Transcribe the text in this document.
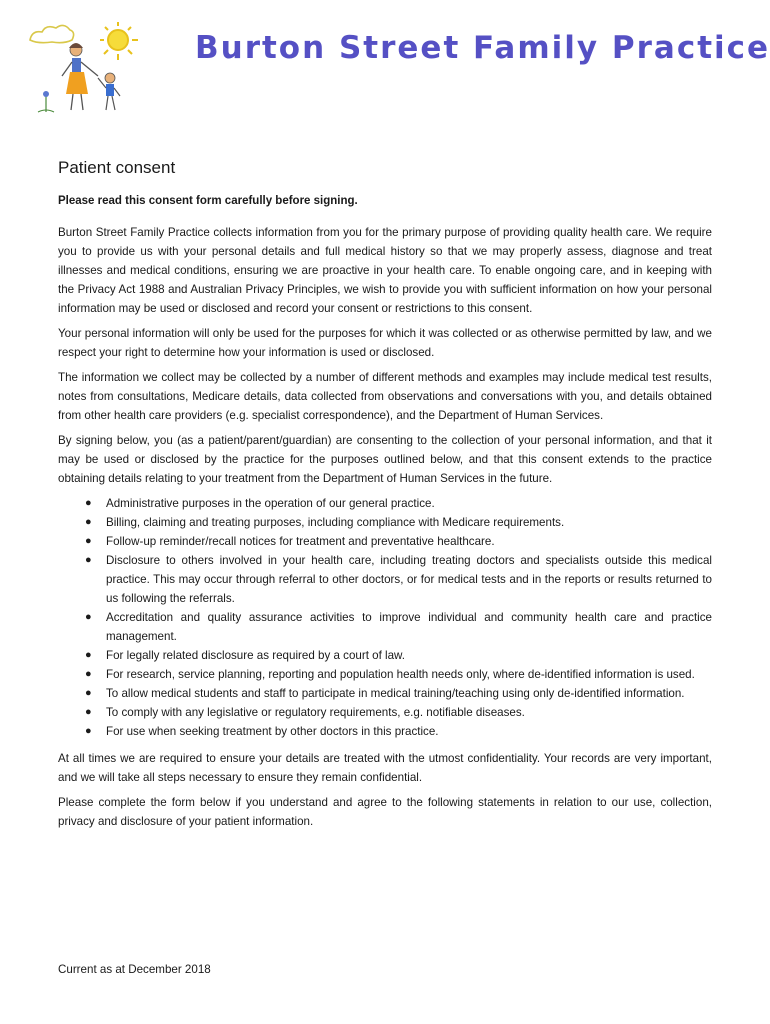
Burton Street Family Practice
Patient consent
Please read this consent form carefully before signing.

Burton Street Family Practice collects information from you for the primary purpose of providing quality health care. We require you to provide us with your personal details and full medical history so that we may properly assess, diagnose and treat illnesses and medical conditions, ensuring we are proactive in your health care. To enable ongoing care, and in keeping with the Privacy Act 1988 and Australian Privacy Principles, we wish to provide you with sufficient information on how your personal information may be used or disclosed and record your consent or restrictions to this consent.

Your personal information will only be used for the purposes for which it was collected or as otherwise permitted by law, and we respect your right to determine how your information is used or disclosed.

The information we collect may be collected by a number of different methods and examples may include medical test results, notes from consultations, Medicare details, data collected from observations and conversations with you, and details obtained from other health care providers (e.g. specialist correspondence), and the Department of Human Services.

By signing below, you (as a patient/parent/guardian) are consenting to the collection of your personal information, and that it may be used or disclosed by the practice for the purposes outlined below, and that this consent extends to the practice obtaining details relating to your treatment from the Department of Human Services in the future.

● Administrative purposes in the operation of our general practice.
● Billing, claiming and treating purposes, including compliance with Medicare requirements.
● Follow-up reminder/recall notices for treatment and preventative healthcare.
● Disclosure to others involved in your health care, including treating doctors and specialists outside this medical practice. This may occur through referral to other doctors, or for medical tests and in the reports or results returned to us following the referrals.
● Accreditation and quality assurance activities to improve individual and community health care and practice management.
● For legally related disclosure as required by a court of law.
● For research, service planning, reporting and population health needs only, where de-identified information is used.
● To allow medical students and staff to participate in medical training/teaching using only de-identified information.
● To comply with any legislative or regulatory requirements, e.g. notifiable diseases.
● For use when seeking treatment by other doctors in this practice.

At all times we are required to ensure your details are treated with the utmost confidentiality. Your records are very important, and we will take all steps necessary to ensure they remain confidential.

Please complete the form below if you understand and agree to the following statements in relation to our use, collection, privacy and disclosure of your patient information.

Current as at December 2018
